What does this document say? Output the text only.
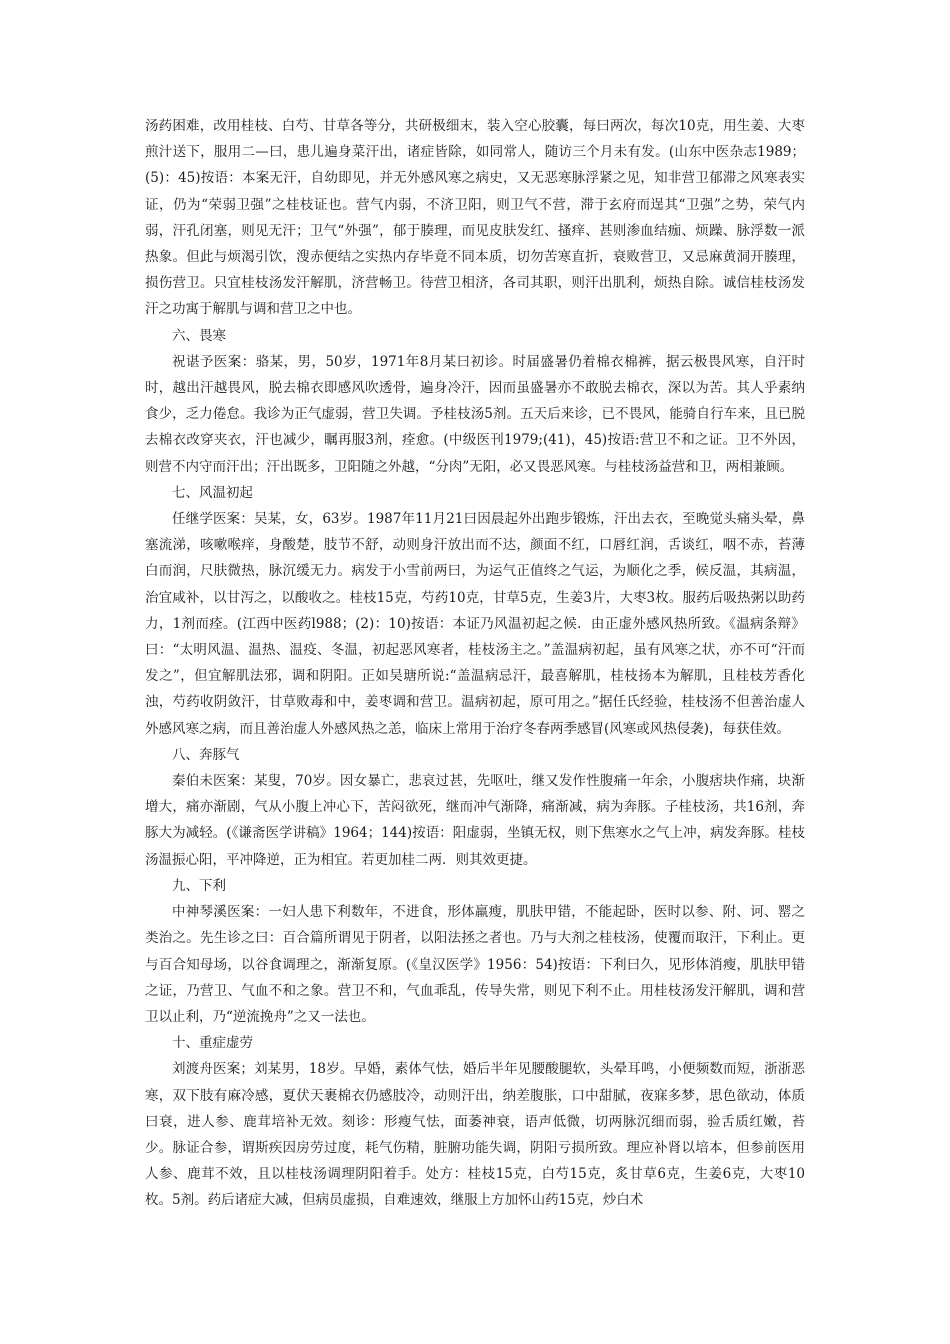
汤药困难，改用桂枝、白芍、甘草各等分，共研极细末，装入空心胶囊，每曰两次，每次10克，用生姜、大枣煎汁送下，服用二—曰，患儿遍身菜汗出，诸症皆除，如同常人，随访三个月未有发。(山东中医杂志1989；(5)：45)按语：本案无汗，自幼即见，并无外感风寒之病史，又无恶寒脉浮紧之见，知非营卫郁滞之风寒表实证，仍为“荣弱卫强”之桂枝证也。营气内弱，不济卫阳，则卫气不营，滞于玄府而逞其“卫强”之势，荣气内弱，汗孔闭塞，则见无汗；卫气“外强”，郁于腠理，而见皮肤发红、搔痒、甚则渗血结痂、烦躁、脉浮数一派热象。但此与烦渴引饮，溲赤便结之实热内存毕竟不同本质，切勿苦寒直折，衰败营卫，又忌麻黄洞开腠理，损伤营卫。只宜桂枝汤发汗解肌，济营畅卫。待营卫相济，各司其职，则汗出肌利，烦热自除。诚信桂枝汤发汗之功寓于解肌与调和营卫之中也。

六、畏寒

祝谌予医案：骆某，男，50岁，1971年8月某曰初诊。时届盛暑仍着棉衣棉裤，据云极畏风寒，自汗时时，越出汗越畏风，脱去棉衣即感风吹透骨，遍身冷汗，因而虽盛暑亦不敢脱去棉衣，深以为苦。其人乎素纳食少，乏力倦怠。我诊为正气虚弱，营卫失调。予桂枝汤5剂。五天后来诊，已不畏风，能骑自行车来，且已脱去棉衣改穿夹衣，汗也减少，瞩再服3剂，痊愈。(中级医刊1979;(41)，45)按语:营卫不和之证。卫不外因，则营不内守而汗出；汗出既多，卫阳随之外越，“分肉”无阳，必又畏恶风寒。与桂枝汤益营和卫，两相兼顾。

七、风温初起

任继学医案：吴某，女，63岁。1987年11月21曰因晨起外出跑步锻炼，汗出去衣，至晚觉头痛头晕，鼻塞流涕，咳嗽喉痒，身酸楚，肢节不舒，动则身汗放出而不达，颜面不红，口唇红润，舌谈红，咽不赤，苔薄白而润，尺肤微热，脉沉缓无力。病发于小雪前两曰，为运气正值终之气运，为顺化之季，候反温，其病温，治宜咸补，以甘泻之，以酸收之。桂枝15克，芍药10克，甘草5克，生姜3片，大枣3枚。服药后吸热粥以助药力，1剂而痊。(江西中医药l988；(2)：10)按语：本证乃风温初起之候．由正虚外感风热所致。《温病条辩》曰：“太明风温、温热、温疫、冬温，初起恶风寒者，桂枝汤主之。”盖温病初起，虽有风寒之状，亦不可“汗而发之”，但宜解肌法邪，调和阴阳。正如吴瑭所说:“盖温病忌汗，最喜解肌，桂枝扬本为解肌，且桂枝芳香化浊，芍药收阴敛汗，甘草败毒和中，姜枣调和营卫。温病初起，原可用之。”据任氏经验，桂枝汤不但善治虚人外感风寒之病，而且善治虚人外感风热之恙，临床上常用于治疗冬春两季感冒(风寒或风热侵袭)，每获佳效。

八、奔豚气

秦伯未医案：某叟，70岁。因女暴亡，悲哀过甚，先呕吐，继又发作性腹痛一年余，小腹痞块作痛，块渐增大，痛亦渐剧，气从小腹上冲心下，苦闷欲死，继而冲气渐降，痛渐减，病为奔豚。子桂枝汤，共16剂，奔豚大为减轻。(《谦斋医学讲稿》1964；144)按语：阳虚弱，坐镇无权，则下焦寒水之气上冲，病发奔豚。桂枝汤温振心阳，平冲降逆，正为相宜。若更加桂二两．则其效更捷。

九、下利

中神琴溪医案：一妇人患下利数年，不进食，形体羸瘦，肌肤甲错，不能起卧，医时以参、附、诃、罂之类治之。先生诊之曰：百合篇所谓见于阴者，以阳法拯之者也。乃与大剂之桂枝汤，使覆而取汗，下利止。更与百合知母场，以谷食调理之，渐渐复原。(《皇汉医学》1956：54)按语：下利曰久，见形体消瘦，肌肤甲错之证，乃营卫、气血不和之象。营卫不和，气血乖乱，传导失常，则见下利不止。用桂枝汤发汗解肌，调和营卫以止利，乃“逆流挽舟”之又一法也。

十、重症虚劳

刘渡舟医案；刘某男，18岁。早婚，素体气怯，婚后半年见腰酸腿软，头晕耳鸣，小便频数而短，浙浙恶寒，双下肢有麻冷感，夏伏天裹棉衣仍感肢冷，动则汗出，纳差腹胀，口中甜腻，夜寐多梦，思色欲动，体质曰衰，进人参、鹿茸培补无效。刻诊：形瘦气怯，面萎神衰，语声低微，切两脉沉细而弱，验舌质红嫩，苔少。脉证合参，谓斯疾因房劳过度，耗气伤精，脏腑功能失调，阴阳亏损所致。理应补肾以培本，但参前医用人参、鹿茸不效，且以桂枝汤调理阴阳着手。处方：桂枝15克，白芍15克，炙甘草6克，生姜6克，大枣10枚。5剂。药后诸症大减，但病员虚损，自难速效，继服上方加怀山药15克，炒白术
